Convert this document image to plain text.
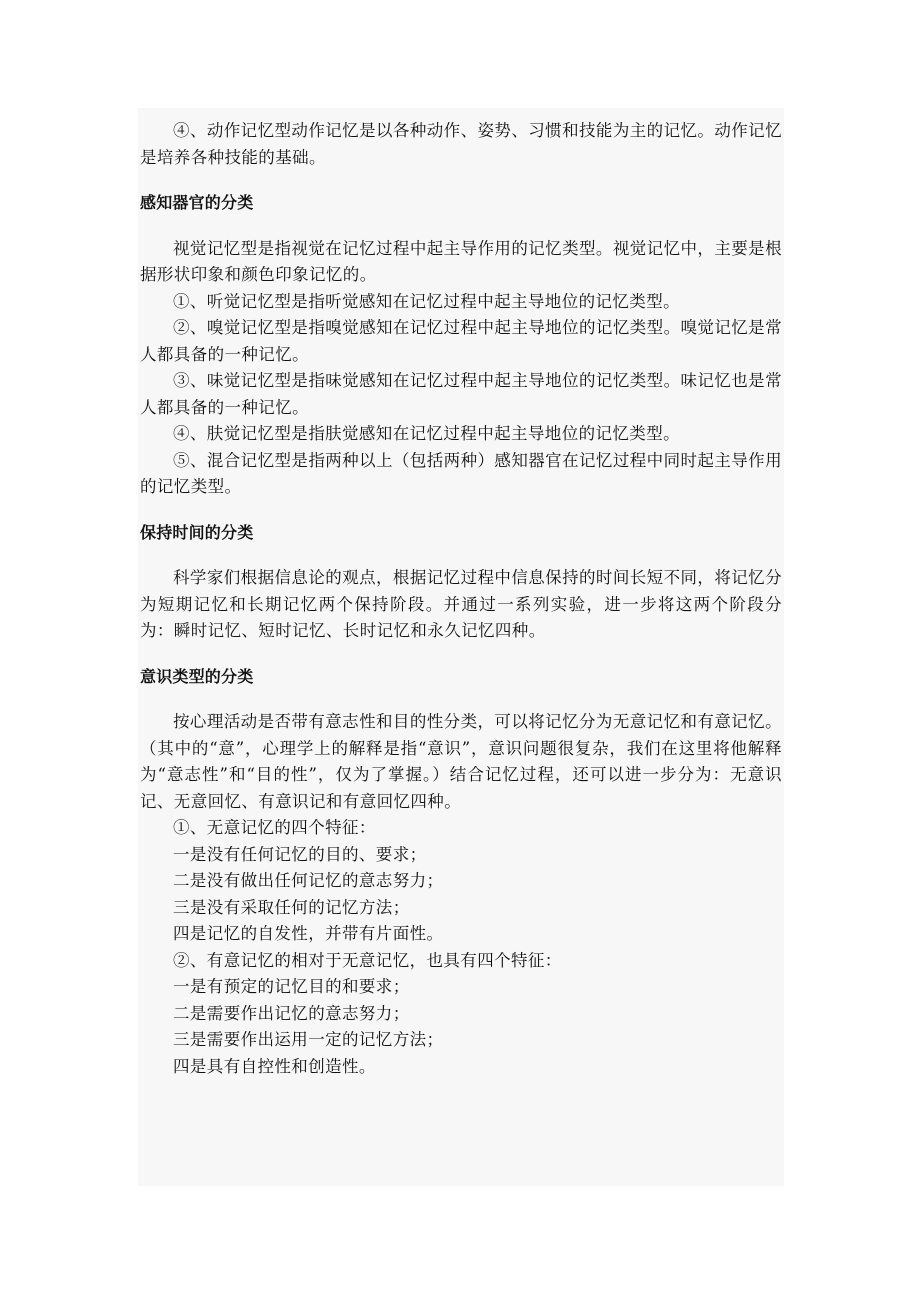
④、动作记忆型动作记忆是以各种动作、姿势、习惯和技能为主的记忆。动作记忆是培养各种技能的基础。

感知器官的分类

视觉记忆型是指视觉在记忆过程中起主导作用的记忆类型。视觉记忆中，主要是根据形状印象和颜色印象记忆的。

①、听觉记忆型是指听觉感知在记忆过程中起主导地位的记忆类型。

②、嗅觉记忆型是指嗅觉感知在记忆过程中起主导地位的记忆类型。嗅觉记忆是常人都具备的一种记忆。

③、味觉记忆型是指味觉感知在记忆过程中起主导地位的记忆类型。味记忆也是常人都具备的一种记忆。

④、肤觉记忆型是指肤觉感知在记忆过程中起主导地位的记忆类型。

⑤、混合记忆型是指两种以上（包括两种）感知器官在记忆过程中同时起主导作用的记忆类型。

保持时间的分类

科学家们根据信息论的观点，根据记忆过程中信息保持的时间长短不同，将记忆分为短期记忆和长期记忆两个保持阶段。并通过一系列实验，进一步将这两个阶段分为：瞬时记忆、短时记忆、长时记忆和永久记忆四种。

意识类型的分类

按心理活动是否带有意志性和目的性分类，可以将记忆分为无意记忆和有意记忆。（其中的“意”，心理学上的解释是指“意识”，意识问题很复杂，我们在这里将他解释为“意志性”和“目的性”，仅为了掌握。）结合记忆过程，还可以进一步分为：无意识记、无意回忆、有意识记和有意回忆四种。

①、无意记忆的四个特征：

一是没有任何记忆的目的、要求；

二是没有做出任何记忆的意志努力；

三是没有采取任何的记忆方法；

四是记忆的自发性，并带有片面性。

②、有意记忆的相对于无意记忆，也具有四个特征：

一是有预定的记忆目的和要求；

二是需要作出记忆的意志努力；

三是需要作出运用一定的记忆方法；

四是具有自控性和创造性。
